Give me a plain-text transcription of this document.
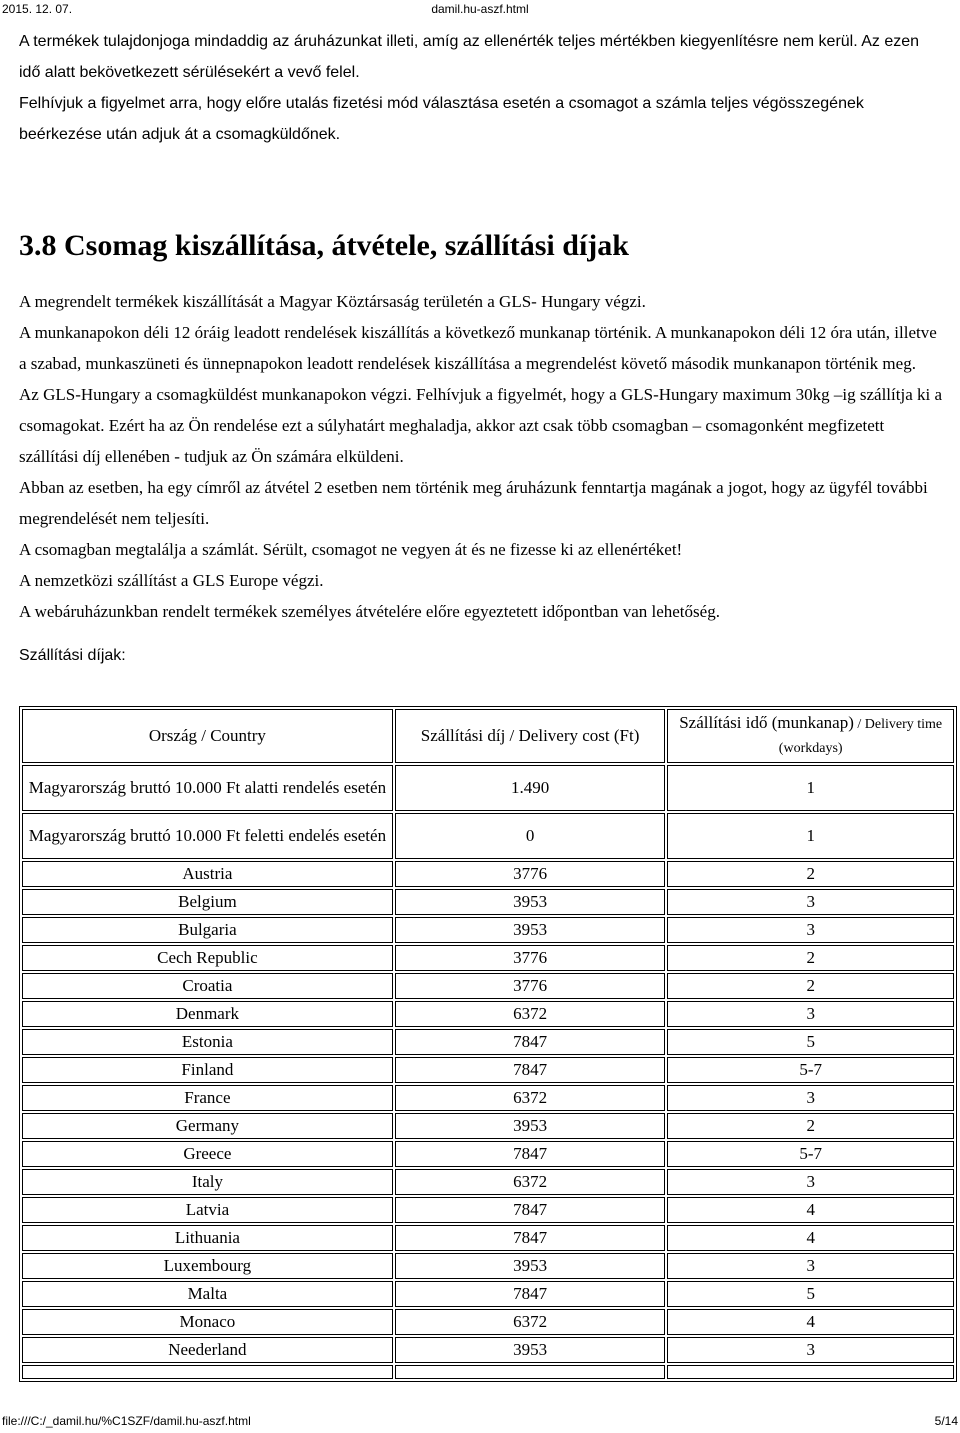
2015. 12. 07.	damil.hu-aszf.html

A termékek tulajdonjoga mindaddig az áruházunkat illeti, amíg az ellenérték teljes mértékben kiegyenlítésre nem kerül. Az ezen idő alatt bekövetkezett sérülésekért a vevő felel.

Felhívjuk a figyelmet arra, hogy előre utalás fizetési mód választása esetén a csomagot a számla teljes végösszegének beérkezése után adjuk át a csomagküldőnek.

3.8 Csomag kiszállítása, átvétele, szállítási díjak

A megrendelt termékek kiszállítását a Magyar Köztársaság területén a GLS- Hungary végzi.

A munkanapokon déli 12 óráig leadott rendelések kiszállítás a következő munkanap történik. A munkanapokon déli 12 óra után, illetve a szabad, munkaszüneti és ünnepnapokon leadott rendelések kiszállítása a megrendelést követő második munkanapon történik meg.

Az GLS-Hungary a csomagküldést munkanapokon végzi. Felhívjuk a figyelmét, hogy a GLS-Hungary maximum 30kg –ig szállítja ki a csomagokat. Ezért ha az Ön rendelése ezt a súlyhatárt meghaladja, akkor azt csak több csomagban – csomagonként megfizetett szállítási díj ellenében - tudjuk az Ön számára elküldeni.

Abban az esetben, ha egy címről az átvétel 2 esetben nem történik meg áruházunk fenntartja magának a jogot, hogy az ügyfél további megrendelését nem teljesíti.

A csomagban megtalálja a számlát. Sérült, csomagot ne vegyen át és ne fizesse ki az ellenértéket!

A nemzetközi szállítást a GLS Europe végzi.

A webáruházunkban rendelt termékek személyes átvételére előre egyeztetett időpontban van lehetőség.

Szállítási díjak:

Ország / Country	Szállítási díj / Delivery cost (Ft)	Szállítási idő (munkanap) / Delivery time (workdays)
Magyarország bruttó 10.000 Ft alatti rendelés esetén	1.490	1
Magyarország bruttó 10.000 Ft feletti endelés esetén	0	1
Austria	3776	2
Belgium	3953	3
Bulgaria	3953	3
Cech Republic	3776	2
Croatia	3776	2
Denmark	6372	3
Estonia	7847	5
Finland	7847	5-7
France	6372	3
Germany	3953	2
Greece	7847	5-7
Italy	6372	3
Latvia	7847	4
Lithuania	7847	4
Luxembourg	3953	3
Malta	7847	5
Monaco	6372	4
Neederland	3953	3

file:///C:/_damil.hu/%C1SZF/damil.hu-aszf.html	5/14
